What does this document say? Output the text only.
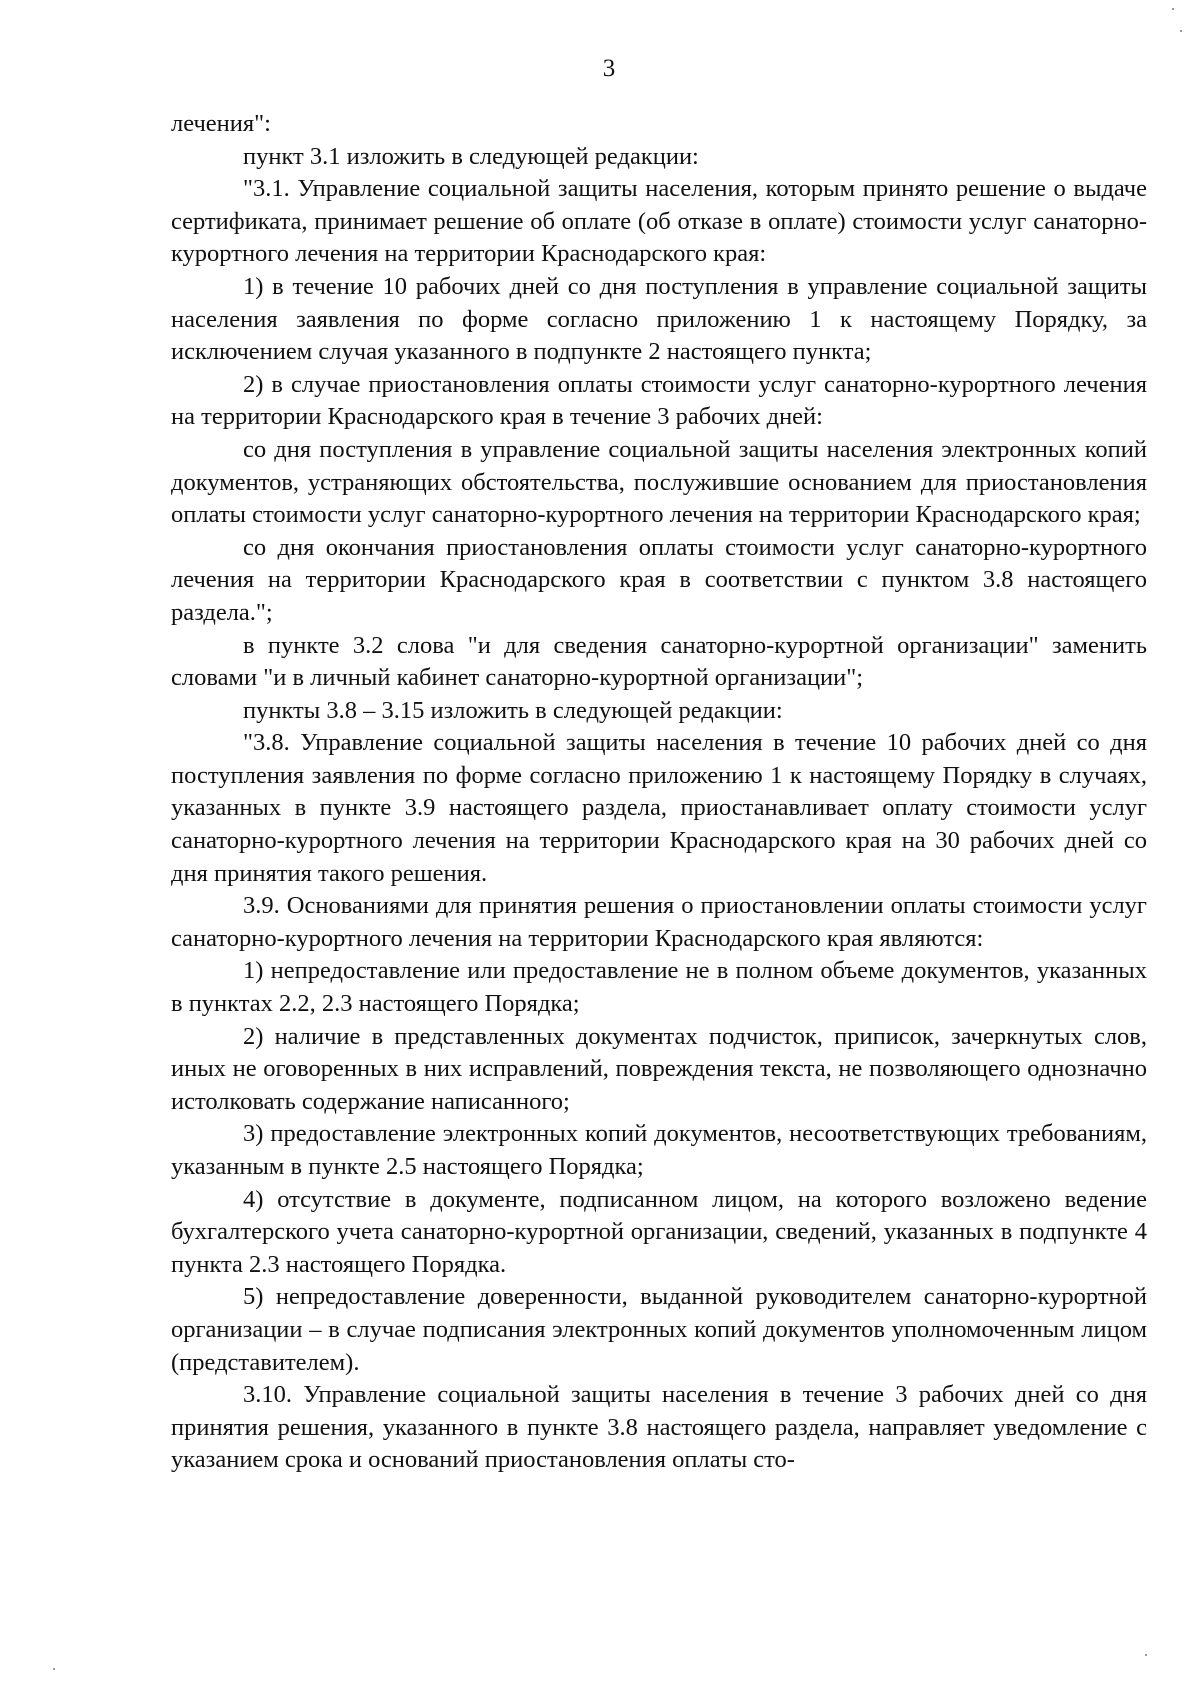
3

лечения":

пункт 3.1 изложить в следующей редакции:

"3.1. Управление социальной защиты населения, которым принято решение о выдаче сертификата, принимает решение об оплате (об отказе в оплате) стоимости услуг санаторно-курортного лечения на территории Краснодарского края:

1) в течение 10 рабочих дней со дня поступления в управление социальной защиты населения заявления по форме согласно приложению 1 к настоящему Порядку, за исключением случая указанного в подпункте 2 настоящего пункта;

2) в случае приостановления оплаты стоимости услуг санаторно-курортного лечения на территории Краснодарского края в течение 3 рабочих дней:

со дня поступления в управление социальной защиты населения электронных копий документов, устраняющих обстоятельства, послужившие основанием для приостановления оплаты стоимости услуг санаторно-курортного лечения на территории Краснодарского края;

со дня окончания приостановления оплаты стоимости услуг санаторно-курортного лечения на территории Краснодарского края в соответствии с пунктом 3.8 настоящего раздела.";

в пункте 3.2 слова "и для сведения санаторно-курортной организации" заменить словами "и в личный кабинет санаторно-курортной организации";

пункты 3.8 – 3.15 изложить в следующей редакции:

"3.8. Управление социальной защиты населения в течение 10 рабочих дней со дня поступления заявления по форме согласно приложению 1 к настоящему Порядку в случаях, указанных в пункте 3.9 настоящего раздела, приостанавливает оплату стоимости услуг санаторно-курортного лечения на территории Краснодарского края на 30 рабочих дней со дня принятия такого решения.

3.9. Основаниями для принятия решения о приостановлении оплаты стоимости услуг санаторно-курортного лечения на территории Краснодарского края являются:

1) непредоставление или предоставление не в полном объеме документов, указанных в пунктах 2.2, 2.3 настоящего Порядка;

2) наличие в представленных документах подчисток, приписок, зачеркнутых слов, иных не оговоренных в них исправлений, повреждения текста, не позволяющего однозначно истолковать содержание написанного;

3) предоставление электронных копий документов, несоответствующих требованиям, указанным в пункте 2.5 настоящего Порядка;

4) отсутствие в документе, подписанном лицом, на которого возложено ведение бухгалтерского учета санаторно-курортной организации, сведений, указанных в подпункте 4 пункта 2.3 настоящего Порядка.

5) непредоставление доверенности, выданной руководителем санаторно-курортной организации – в случае подписания электронных копий документов уполномоченным лицом (представителем).

3.10. Управление социальной защиты населения в течение 3 рабочих дней со дня принятия решения, указанного в пункте 3.8 настоящего раздела, направляет уведомление с указанием срока и оснований приостановления оплаты сто-
